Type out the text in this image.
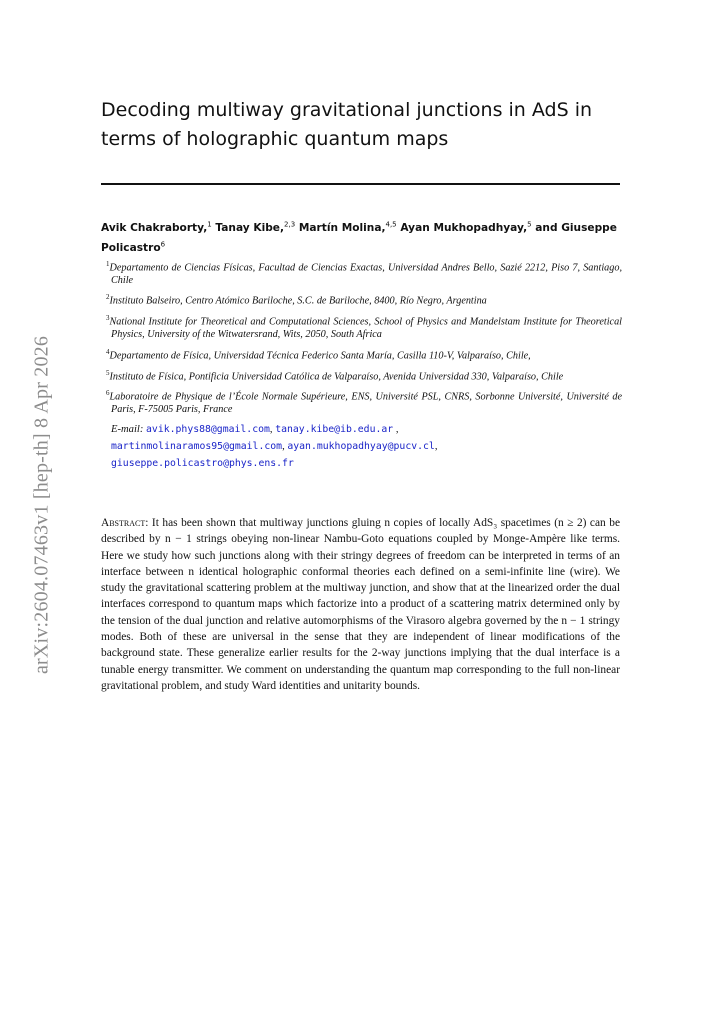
arXiv:2604.07463v1 [hep-th] 8 Apr 2026
Decoding multiway gravitational junctions in AdS in terms of holographic quantum maps
Avik Chakraborty,$^1$ Tanay Kibe,$^{2,3}$ Martín Molina,$^{4,5}$ Ayan Mukhopadhyay,$^5$ and Giuseppe Policastro$^6$
$^1$Departamento de Ciencias Físicas, Facultad de Ciencias Exactas, Universidad Andres Bello, Sazié 2212, Piso 7, Santiago, Chile
$^2$Instituto Balseiro, Centro Atómico Bariloche, S.C. de Bariloche, 8400, Río Negro, Argentina
$^3$National Institute for Theoretical and Computational Sciences, School of Physics and Mandelstam Institute for Theoretical Physics, University of the Witwatersrand, Wits, 2050, South Africa
$^4$Departamento de Física, Universidad Técnica Federico Santa María, Casilla 110-V, Valparaíso, Chile,
$^5$Instituto de Física, Pontificia Universidad Católica de Valparaíso, Avenida Universidad 330, Valparaíso, Chile
$^6$Laboratoire de Physique de l’École Normale Supérieure, ENS, Université PSL, CNRS, Sorbonne Université, Université de Paris, F-75005 Paris, France
E-mail: avik.phys88@gmail.com, tanay.kibe@ib.edu.ar ,
martinmolinaramos95@gmail.com, ayan.mukhopadhyay@pucv.cl,
giuseppe.policastro@phys.ens.fr

Abstract: It has been shown that multiway junctions gluing n copies of locally AdS₃ spacetimes (n ≥ 2) can be described by n − 1 strings obeying non-linear Nambu-Goto equations coupled by Monge-Ampère like terms. Here we study how such junctions along with their stringy degrees of freedom can be interpreted in terms of an interface between n identical holographic conformal theories each defined on a semi-infinite line (wire). We study the gravitational scattering problem at the multiway junction, and show that at the linearized order the dual interfaces correspond to quantum maps which factorize into a product of a scattering matrix determined only by the tension of the dual junction and relative automorphisms of the Virasoro algebra governed by the n − 1 stringy modes. Both of these are universal in the sense that they are independent of linear modifications of the background state. These generalize earlier results for the 2-way junctions implying that the dual interface is a tunable energy transmitter. We comment on understanding the quantum map corresponding to the full non-linear gravitational problem, and study Ward identities and unitarity bounds.
